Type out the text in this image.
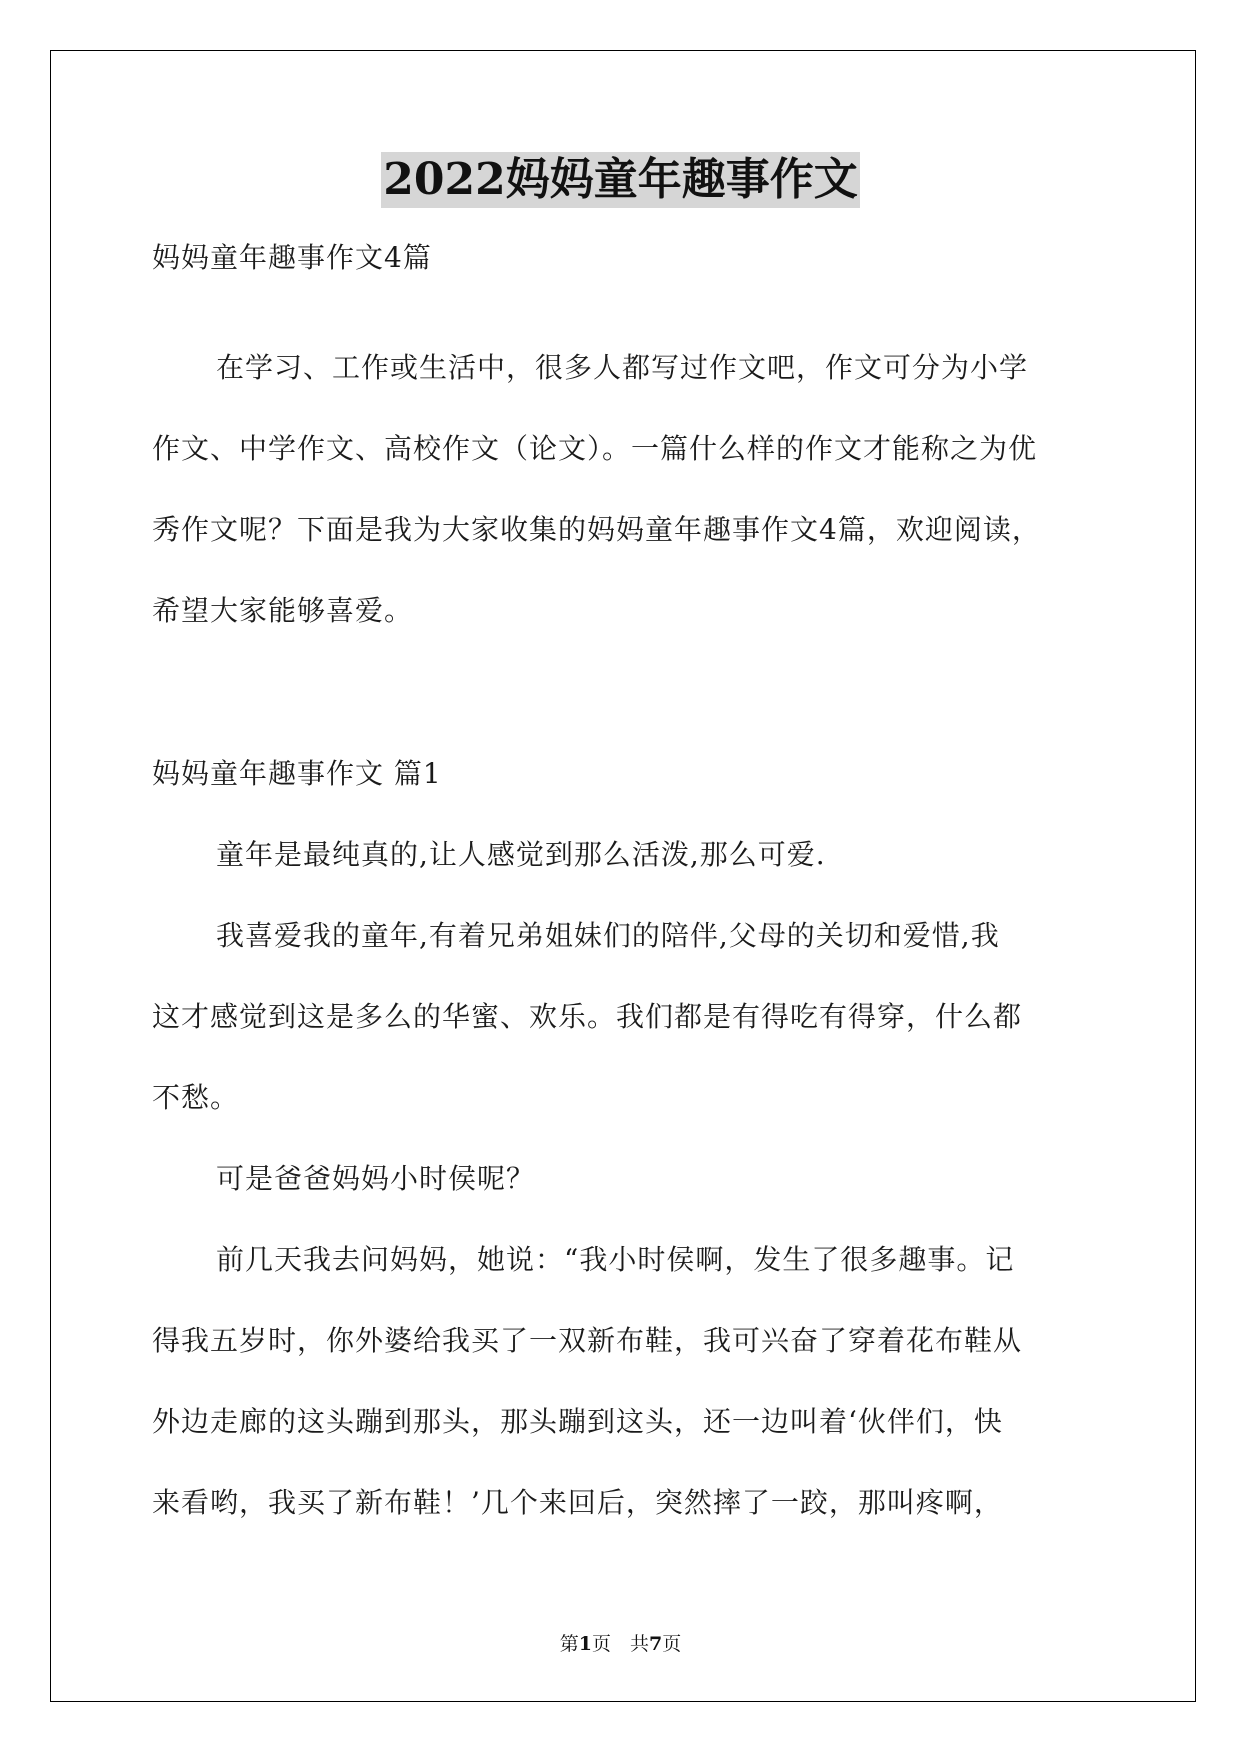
2022妈妈童年趣事作文
妈妈童年趣事作文4篇
在学习、工作或生活中，很多人都写过作文吧，作文可分为小学
作文、中学作文、高校作文（论文）。一篇什么样的作文才能称之为优
秀作文呢？下面是我为大家收集的妈妈童年趣事作文4篇，欢迎阅读，
希望大家能够喜爱。
妈妈童年趣事作文 篇1
童年是最纯真的,让人感觉到那么活泼,那么可爱.
我喜爱我的童年,有着兄弟姐妹们的陪伴,父母的关切和爱惜,我
这才感觉到这是多么的华蜜、欢乐。我们都是有得吃有得穿，什么都
不愁。
可是爸爸妈妈小时侯呢？
前几天我去问妈妈，她说：“我小时侯啊，发生了很多趣事。记
得我五岁时，你外婆给我买了一双新布鞋，我可兴奋了穿着花布鞋从
外边走廊的这头蹦到那头，那头蹦到这头，还一边叫着‘伙伴们，快
来看哟，我买了新布鞋！’几个来回后，突然摔了一跤，那叫疼啊，
第1页　共7页
